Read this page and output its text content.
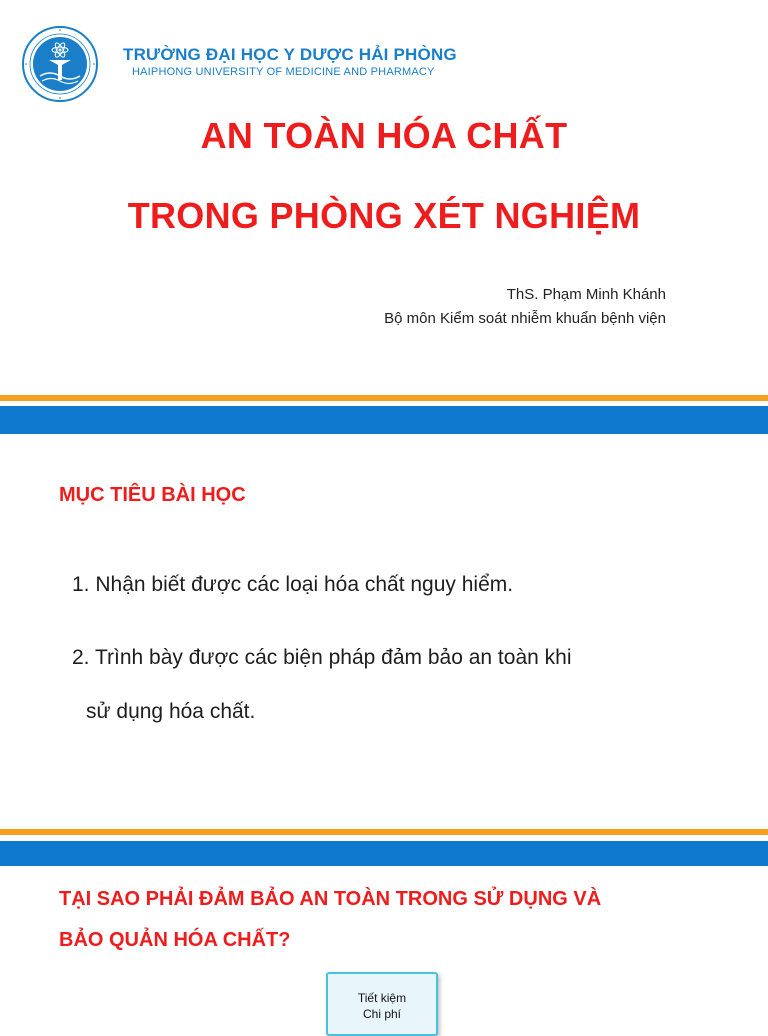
TRƯỜNG ĐẠI HỌC Y DƯỢC HẢI PHÒNG
HAIPHONG UNIVERSITY OF MEDICINE AND PHARMACY
AN TOÀN HÓA CHẤT
TRONG PHÒNG XÉT NGHIỆM
ThS. Phạm Minh Khánh
Bộ môn Kiểm soát nhiễm khuẩn bệnh viện
MỤC TIÊU BÀI HỌC
1. Nhận biết được các loại hóa chất nguy hiểm.
2. Trình bày được các biện pháp đảm bảo an toàn khi
sử dụng hóa chất.
TẠI SAO PHẢI ĐẢM BẢO AN TOÀN TRONG SỬ DỤNG VÀ
BẢO QUẢN HÓA CHẤT?
Tiết kiệm
Chi phí
